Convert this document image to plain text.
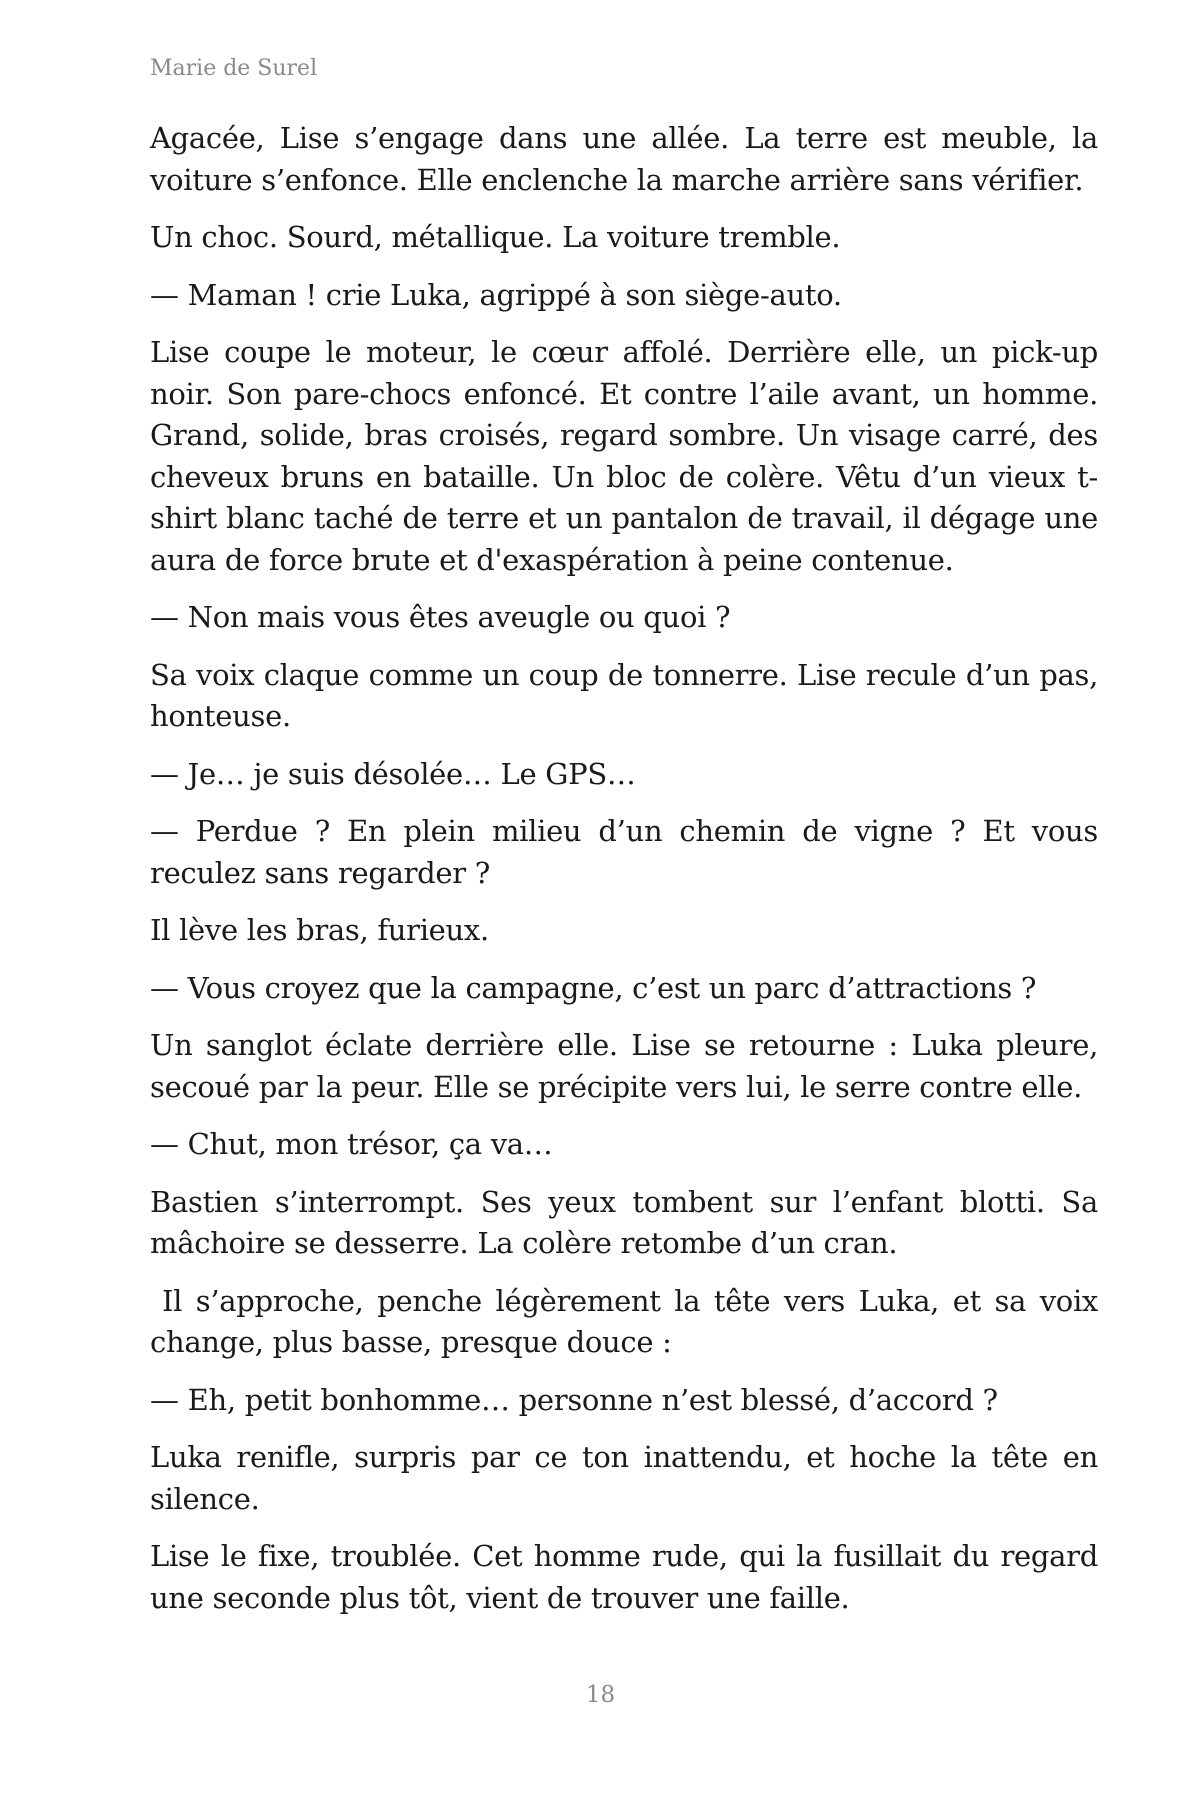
Marie de Surel

Agacée, Lise s’engage dans une allée. La terre est meuble, la voiture s’enfonce. Elle enclenche la marche arrière sans vérifier.

Un choc. Sourd, métallique. La voiture tremble.

— Maman ! crie Luka, agrippé à son siège-auto.

Lise coupe le moteur, le cœur affolé. Derrière elle, un pick-up noir. Son pare-chocs enfoncé. Et contre l’aile avant, un homme. Grand, solide, bras croisés, regard sombre. Un visage carré, des cheveux bruns en bataille. Un bloc de colère. Vêtu d’un vieux t-shirt blanc taché de terre et un pantalon de travail, il dégage une aura de force brute et d'exaspération à peine contenue.

— Non mais vous êtes aveugle ou quoi ?

Sa voix claque comme un coup de tonnerre. Lise recule d’un pas, honteuse.

— Je… je suis désolée… Le GPS…

— Perdue ? En plein milieu d’un chemin de vigne ? Et vous reculez sans regarder ?

Il lève les bras, furieux.

— Vous croyez que la campagne, c’est un parc d’attractions ?

Un sanglot éclate derrière elle. Lise se retourne : Luka pleure, secoué par la peur. Elle se précipite vers lui, le serre contre elle.

— Chut, mon trésor, ça va…

Bastien s’interrompt. Ses yeux tombent sur l’enfant blotti. Sa mâchoire se desserre. La colère retombe d’un cran.

Il s’approche, penche légèrement la tête vers Luka, et sa voix change, plus basse, presque douce :

— Eh, petit bonhomme… personne n’est blessé, d’accord ?

Luka renifle, surpris par ce ton inattendu, et hoche la tête en silence.

Lise le fixe, troublée. Cet homme rude, qui la fusillait du regard une seconde plus tôt, vient de trouver une faille.

18
